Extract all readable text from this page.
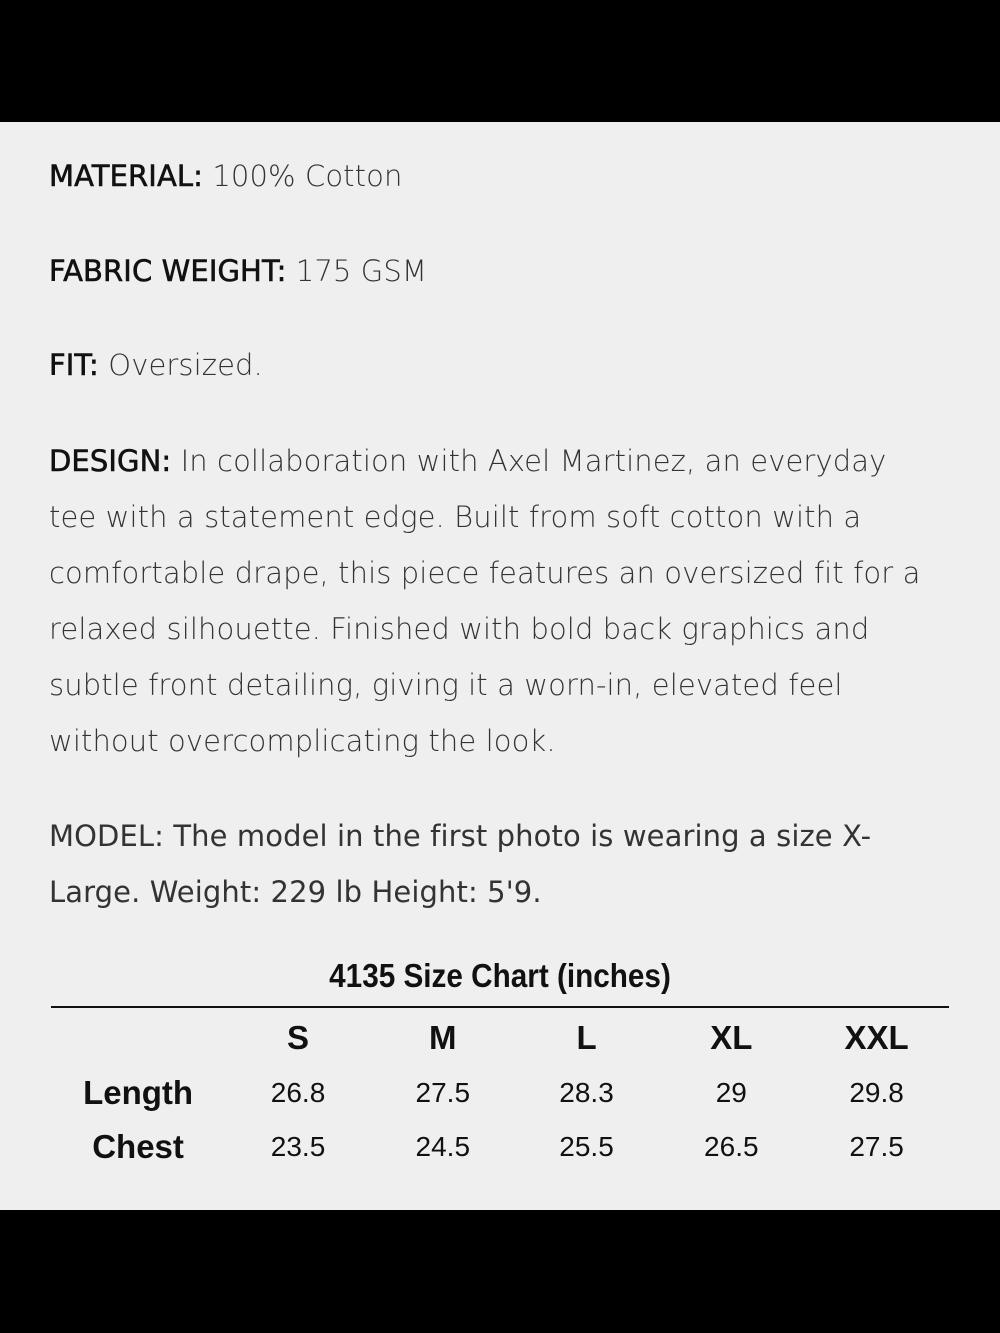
MATERIAL: 100% Cotton
FABRIC WEIGHT: 175 GSM
FIT: Oversized.
DESIGN: In collaboration with Axel Martinez, an everyday tee with a statement edge. Built from soft cotton with a comfortable drape, this piece features an oversized fit for a relaxed silhouette. Finished with bold back graphics and subtle front detailing, giving it a worn-in, elevated feel without overcomplicating the look.
MODEL: The model in the first photo is wearing a size X-Large. Weight: 229 lb Height: 5'9.
4135 Size Chart (inches)
	S	M	L	XL	XXL
Length	26.8	27.5	28.3	29	29.8
Chest	23.5	24.5	25.5	26.5	27.5
